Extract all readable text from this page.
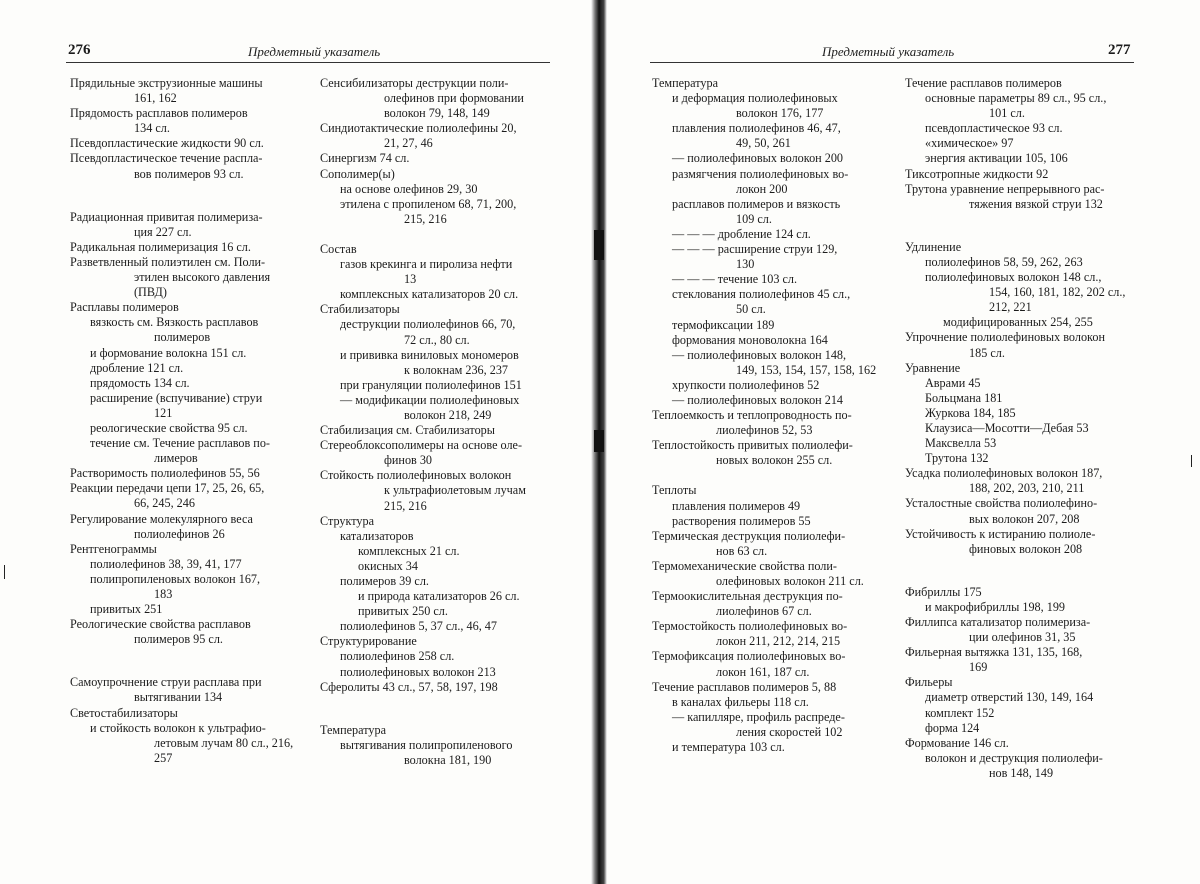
276	Предметный указатель
Прядильные экструзионные машины
161, 162
Прядомость расплавов полимеров
134 сл.
Псевдопластические жидкости 90 сл.
Псевдопластическое течение распла-
вов полимеров 93 сл.
Радиационная привитая полимериза-
ция 227 сл.
Радикальная полимеризация 16 сл.
Разветвленный полиэтилен см. Поли-
этилен высокого давления
(ПВД)
Расплавы полимеров
вязкость см. Вязкость расплавов
полимеров
и формование волокна 151 сл.
дробление 121 сл.
прядомость 134 сл.
расширение (вспучивание) струи
121
реологические свойства 95 сл.
течение см. Течение расплавов по-
лимеров
Растворимость полиолефинов 55, 56
Реакции передачи цепи 17, 25, 26, 65,
66, 245, 246
Регулирование молекулярного веса
полиолефинов 26
Рентгенограммы
полиолефинов 38, 39, 41, 177
полипропиленовых волокон 167,
183
привитых 251
Реологические свойства расплавов
полимеров 95 сл.
Самоупрочнение струи расплава при
вытягивании 134
Светостабилизаторы
и стойкость волокон к ультрафио-
летовым лучам 80 сл., 216,
257
Сенсибилизаторы деструкции поли-
олефинов при формовании
волокон 79, 148, 149
Синдиотактические полиолефины 20,
21, 27, 46
Синергизм 74 сл.
Сополимер(ы)
на основе олефинов 29, 30
этилена с пропиленом 68, 71, 200,
215, 216
Состав
газов крекинга и пиролиза нефти
13
комплексных катализаторов 20 сл.
Стабилизаторы
деструкции полиолефинов 66, 70,
72 сл., 80 сл.
и прививка виниловых мономеров
к волокнам 236, 237
при грануляции полиолефинов 151
— модификации полиолефиновых
волокон 218, 249
Стабилизация см. Стабилизаторы
Стереоблоксополимеры на основе оле-
финов 30
Стойкость полиолефиновых волокон
к ультрафиолетовым лучам
215, 216
Структура
катализаторов
комплексных 21 сл.
окисных 34
полимеров 39 сл.
и природа катализаторов 26 сл.
привитых 250 сл.
полиолефинов 5, 37 сл., 46, 47
Структурирование
полиолефинов 258 сл.
полиолефиновых волокон 213
Сферолиты 43 сл., 57, 58, 197, 198
Температура
вытягивания полипропиленового
волокна 181, 190
Предметный указатель	277
Температура
и деформация полиолефиновых
волокон 176, 177
плавления полиолефинов 46, 47,
49, 50, 261
— полиолефиновых волокон 200
размягчения полиолефиновых во-
локон 200
расплавов полимеров и вязкость
109 сл.
— — — дробление 124 сл.
— — — расширение струи 129,
130
— — — течение 103 сл.
стеклования полиолефинов 45 сл.,
50 сл.
термофиксации 189
формования моноволокна 164
— полиолефиновых волокон 148,
149, 153, 154, 157, 158, 162
хрупкости полиолефинов 52
— полиолефиновых волокон 214
Теплоемкость и теплопроводность по-
лиолефинов 52, 53
Теплостойкость привитых полиолефи-
новых волокон 255 сл.
Теплоты
плавления полимеров 49
растворения полимеров 55
Термическая деструкция полиолефи-
нов 63 сл.
Термомеханические свойства поли-
олефиновых волокон 211 сл.
Термоокислительная деструкция по-
лиолефинов 67 сл.
Термостойкость полиолефиновых во-
локон 211, 212, 214, 215
Термофиксация полиолефиновых во-
локон 161, 187 сл.
Течение расплавов полимеров 5, 88
в каналах фильеры 118 сл.
— капилляре, профиль распреде-
ления скоростей 102
и температура 103 сл.
Течение расплавов полимеров
основные параметры 89 сл., 95 сл.,
101 сл.
псевдопластическое 93 сл.
«химическое» 97
энергия активации 105, 106
Тиксотропные жидкости 92
Трутона уравнение непрерывного рас-
тяжения вязкой струи 132
Удлинение
полиолефинов 58, 59, 262, 263
полиолефиновых волокон 148 сл.,
154, 160, 181, 182, 202 сл.,
212, 221
модифицированных 254, 255
Упрочнение полиолефиновых волокон
185 сл.
Уравнение
Аврами 45
Больцмана 181
Журкова 184, 185
Клаузиса—Мосотти—Дебая 53
Максвелла 53
Трутона 132
Усадка полиолефиновых волокон 187,
188, 202, 203, 210, 211
Усталостные свойства полиолефино-
вых волокон 207, 208
Устойчивость к истиранию полиоле-
финовых волокон 208
Фибриллы 175
и макрофибриллы 198, 199
Филлипса катализатор полимериза-
ции олефинов 31, 35
Фильерная вытяжка 131, 135, 168,
169
Фильеры
диаметр отверстий 130, 149, 164
комплект 152
форма 124
Формование 146 сл.
волокон и деструкция полиолефи-
нов 148, 149
